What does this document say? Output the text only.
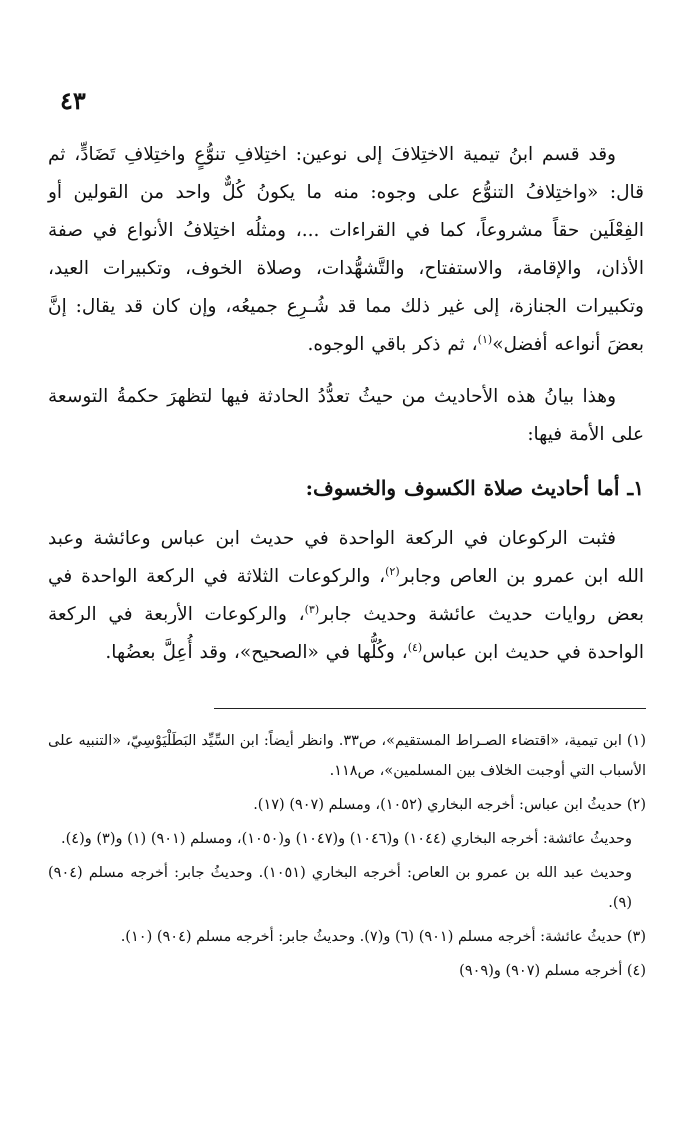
٤٣

وقد قسم ابنُ تيمية الاختِلافَ إلى نوعين: اختِلافِ تنوُّعٍ واختِلافِ تَضَادٍّ، ثم قال: «واختِلافُ التنوُّع على وجوه: منه ما يكونُ كُلٌّ واحد من القولين أو الفِعْلَين حقاً مشروعاً، كما في القراءات ...، ومثلُه اختِلافُ الأنواع في صفة الأذان، والإقامة، والاستفتاح، والتَّشهُّدات، وصلاة الخوف، وتكبيرات العيد، وتكبيرات الجنازة، إلى غير ذلك مما قد شُـرِع جميعُه، وإن كان قد يقال: إنَّ بعضَ أنواعه أفضل»$^{(١)}$، ثم ذكر باقي الوجوه.

وهذا بيانُ هذه الأحاديث من حيثُ تعدُّدُ الحادثة فيها لتظهرَ حكمةُ التوسعة على الأمة فيها:

١ـ أما أحاديث صلاة الكسوف والخسوف:

فثبت الركوعان في الركعة الواحدة في حديث ابن عباس وعائشة وعبد الله ابن عمرو بن العاص وجابر$^{(٢)}$، والركوعات الثلاثة في الركعة الواحدة في بعض روايات حديث عائشة وحديث جابر$^{(٣)}$، والركوعات الأربعة في الركعة الواحدة في حديث ابن عباس$^{(٤)}$، وكُلُّها في «الصحيح»، وقد أُعِلَّ بعضُها.

(١) ابن تيمية، «اقتضاء الصـراط المستقيم»، ص٣٣. وانظر أيضاً: ابن السِّيِّد البَطَلْيَوْسِيّ، «التنبيه على الأسباب التي أوجبت الخلاف بين المسلمين»، ص١١٨.

(٢) حديثُ ابن عباس: أخرجه البخاري (١٠٥٢)، ومسلم (٩٠٧) (١٧).

وحديثُ عائشة: أخرجه البخاري (١٠٤٤) و(١٠٤٦) و(١٠٤٧) و(١٠٥٠)، ومسلم (٩٠١) (١) و(٣) و(٤).

وحديث عبد الله بن عمرو بن العاص: أخرجه البخاري (١٠٥١). وحديثُ جابر: أخرجه مسلم (٩٠٤) (٩).

(٣) حديثُ عائشة: أخرجه مسلم (٩٠١) (٦) و(٧). وحديثُ جابر: أخرجه مسلم (٩٠٤) (١٠).

(٤) أخرجه مسلم (٩٠٧) و(٩٠٩)
